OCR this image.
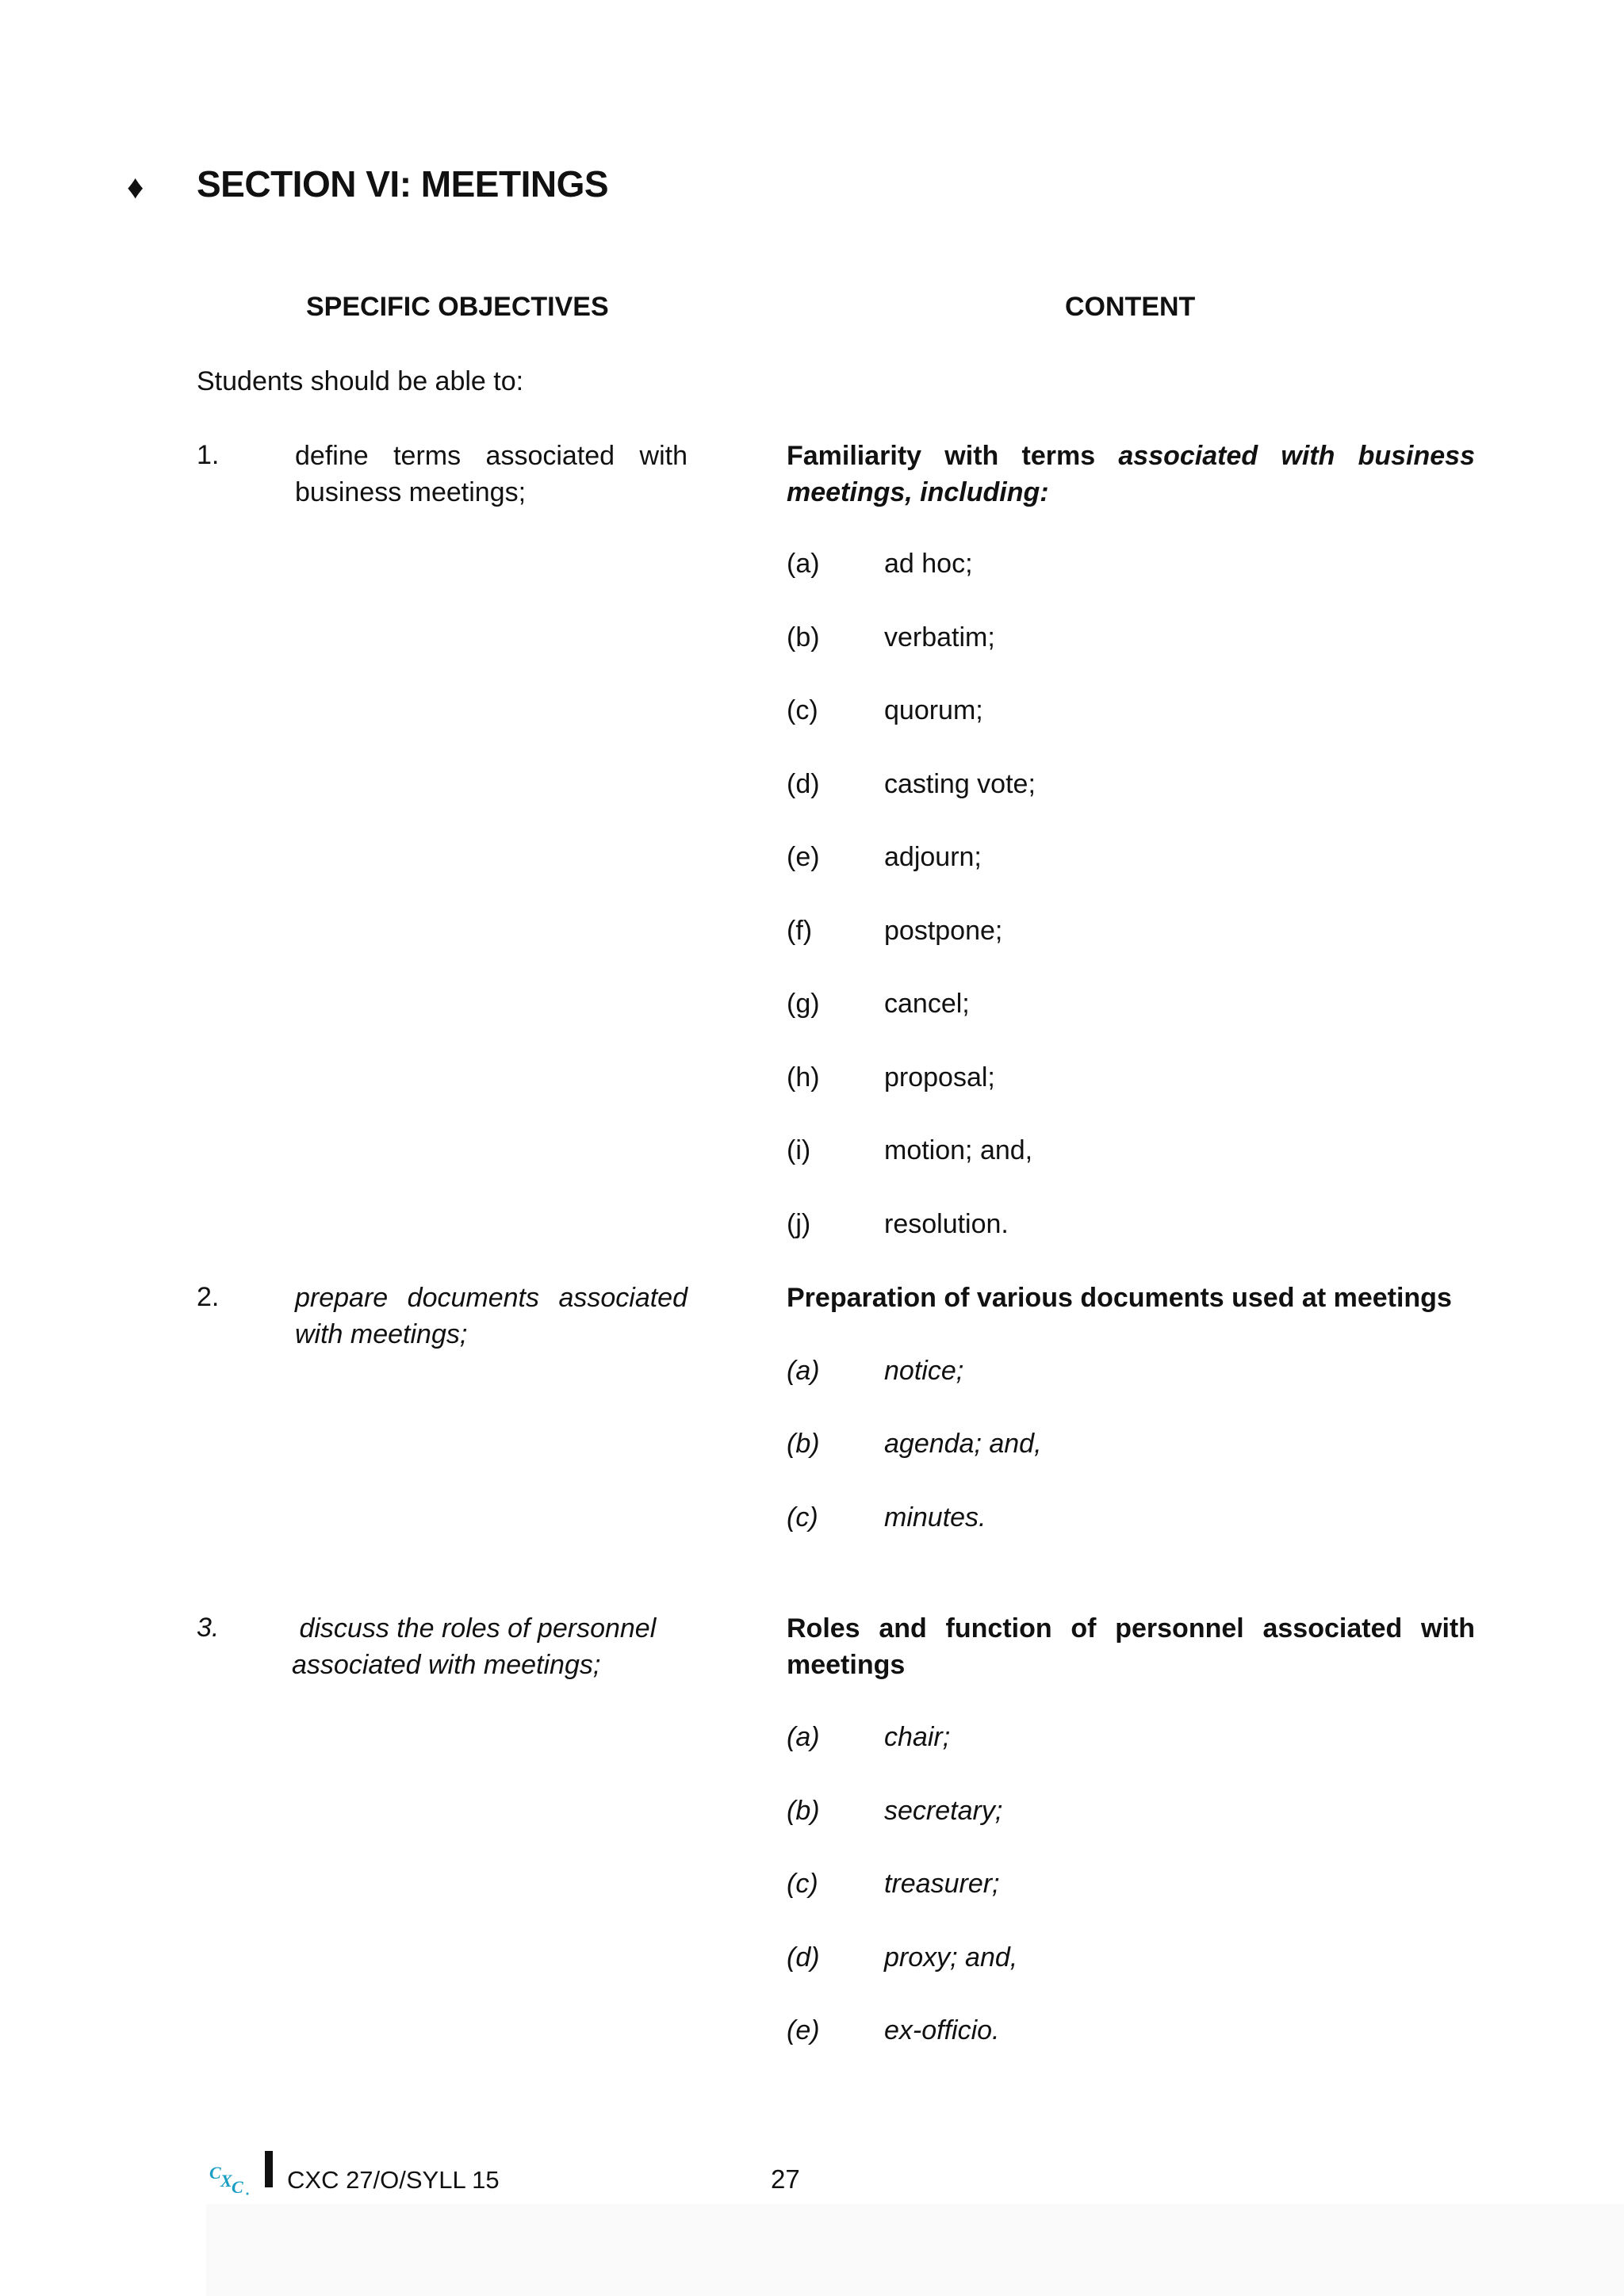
♦ SECTION VI: MEETINGS
SPECIFIC OBJECTIVES	CONTENT
Students should be able to:
1.	define terms associated with business meetings;
Familiarity with terms associated with business meetings, including:
(a) ad hoc;
(b) verbatim;
(c) quorum;
(d) casting vote;
(e) adjourn;
(f)	postpone;
(g) cancel;
(h) proposal;
(i)	motion; and,
(j)	resolution.
2.	prepare documents associated with meetings;
Preparation of various documents used at meetings
(a) notice;
(b) agenda; and,
(c) minutes.
3.	discuss the roles of personnel associated with meetings;
Roles and function of personnel associated with meetings
(a) chair;
(b) secretary;
(c) treasurer;
(d) proxy; and,
(e) ex-officio.
C X C CXC 27/O/SYLL 15	27
